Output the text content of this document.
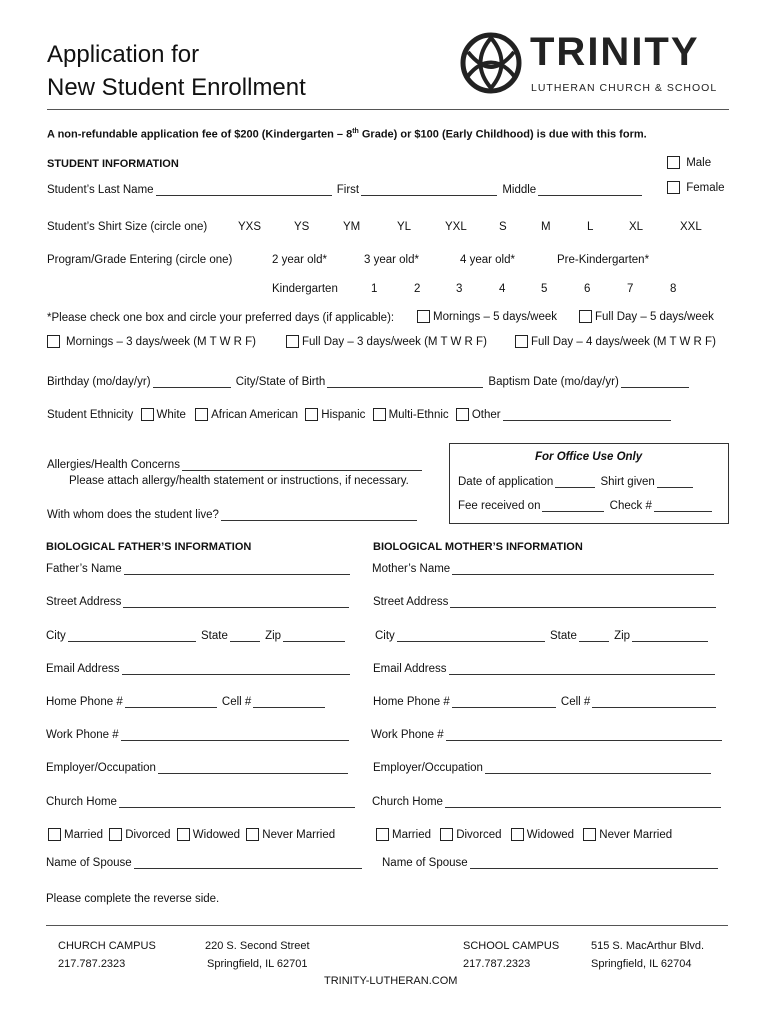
Application for
New Student Enrollment
TRINITY
LUTHERAN CHURCH & SCHOOL
A non-refundable application fee of $200 (Kindergarten – 8th Grade) or $100 (Early Childhood) is due with this form.
STUDENT INFORMATION	Male
Female
Student’s Last Name	First	Middle
Student’s Shirt Size (circle one)	YXS	YS	YM	YL	YXL	S	M	L	XL	XXL
Program/Grade Entering (circle one)	2 year old*	3 year old*	4 year old*	Pre-Kindergarten*
Kindergarten	1	2	3	4	5	6	7	8
*Please check one box and circle your preferred days (if applicable):	Mornings – 5 days/week	Full Day – 5 days/week
Mornings – 3 days/week (M T W R F)	Full Day – 3 days/week (M T W R F)	Full Day – 4 days/week (M T W R F)
Birthday (mo/day/yr)	City/State of Birth	Baptism Date (mo/day/yr)
Student Ethnicity White African American Hispanic Multi-Ethnic Other
Allergies/Health Concerns
Please attach allergy/health statement or instructions, if necessary.
With whom does the student live?
For Office Use Only
Date of application	Shirt given
Fee received on	Check #
BIOLOGICAL FATHER’S INFORMATION
Father’s Name
Street Address
City	State	Zip
Email Address
Home Phone #	Cell #
Work Phone #
Employer/Occupation
Church Home
Married Divorced Widowed Never Married
Name of Spouse
BIOLOGICAL MOTHER’S INFORMATION
Mother’s Name
Street Address
City	State	Zip
Email Address
Home Phone #	Cell #
Work Phone #
Employer/Occupation
Church Home
Married Divorced Widowed Never Married
Name of Spouse
Please complete the reverse side.
CHURCH CAMPUS
217.787.2323
220 S. Second Street
Springfield, IL 62701
SCHOOL CAMPUS
217.787.2323
515 S. MacArthur Blvd.
Springfield, IL 62704
TRINITY-LUTHERAN.COM
